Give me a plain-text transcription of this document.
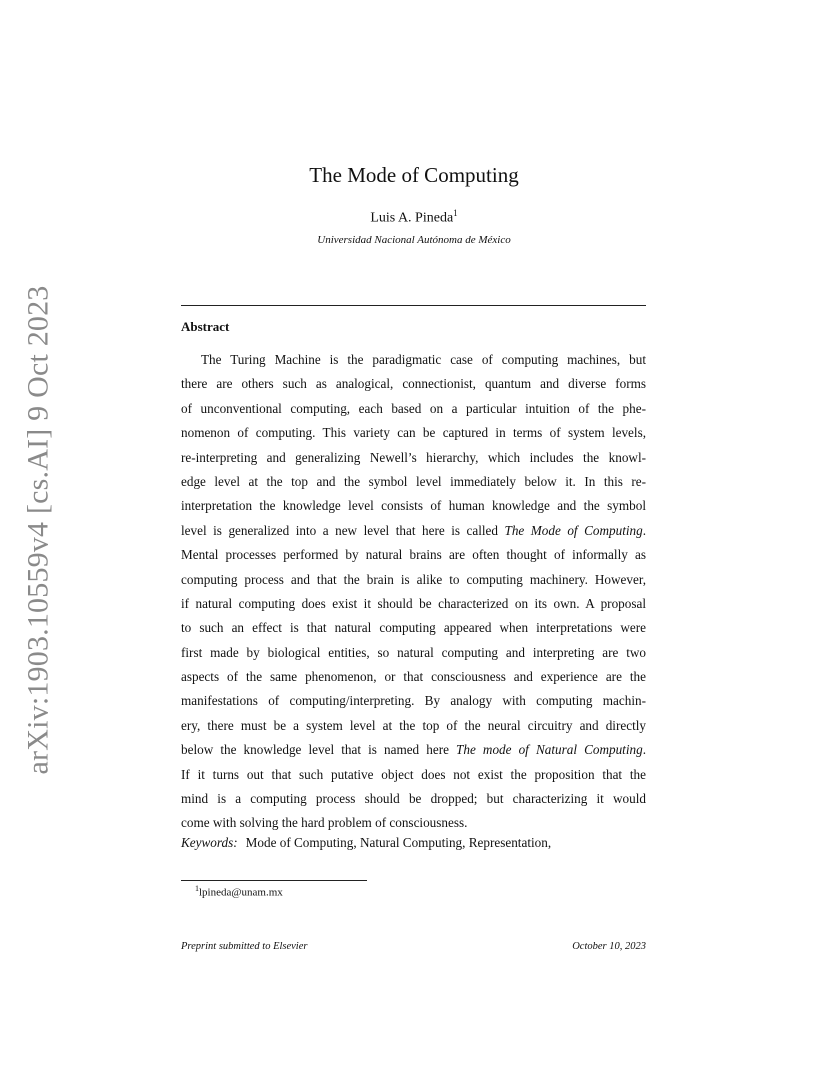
arXiv:1903.10559v4 [cs.AI] 9 Oct 2023
The Mode of Computing
Luis A. Pineda$^1$
Universidad Nacional Autónoma de México
Abstract
The Turing Machine is the paradigmatic case of computing machines, but
there are others such as analogical, connectionist, quantum and diverse forms
of unconventional computing, each based on a particular intuition of the phe-
nomenon of computing. This variety can be captured in terms of system levels,
re-interpreting and generalizing Newell’s hierarchy, which includes the knowl-
edge level at the top and the symbol level immediately below it. In this re-
interpretation the knowledge level consists of human knowledge and the symbol
level is generalized into a new level that here is called The Mode of Computing.
Mental processes performed by natural brains are often thought of informally as
computing process and that the brain is alike to computing machinery. However,
if natural computing does exist it should be characterized on its own. A proposal
to such an effect is that natural computing appeared when interpretations were
first made by biological entities, so natural computing and interpreting are two
aspects of the same phenomenon, or that consciousness and experience are the
manifestations of computing/interpreting. By analogy with computing machin-
ery, there must be a system level at the top of the neural circuitry and directly
below the knowledge level that is named here The mode of Natural Computing.
If it turns out that such putative object does not exist the proposition that the
mind is a computing process should be dropped; but characterizing it would
come with solving the hard problem of consciousness.
Keywords: Mode of Computing, Natural Computing, Representation,
$^1$lpineda@unam.mx
Preprint submitted to Elsevier	October 10, 2023
